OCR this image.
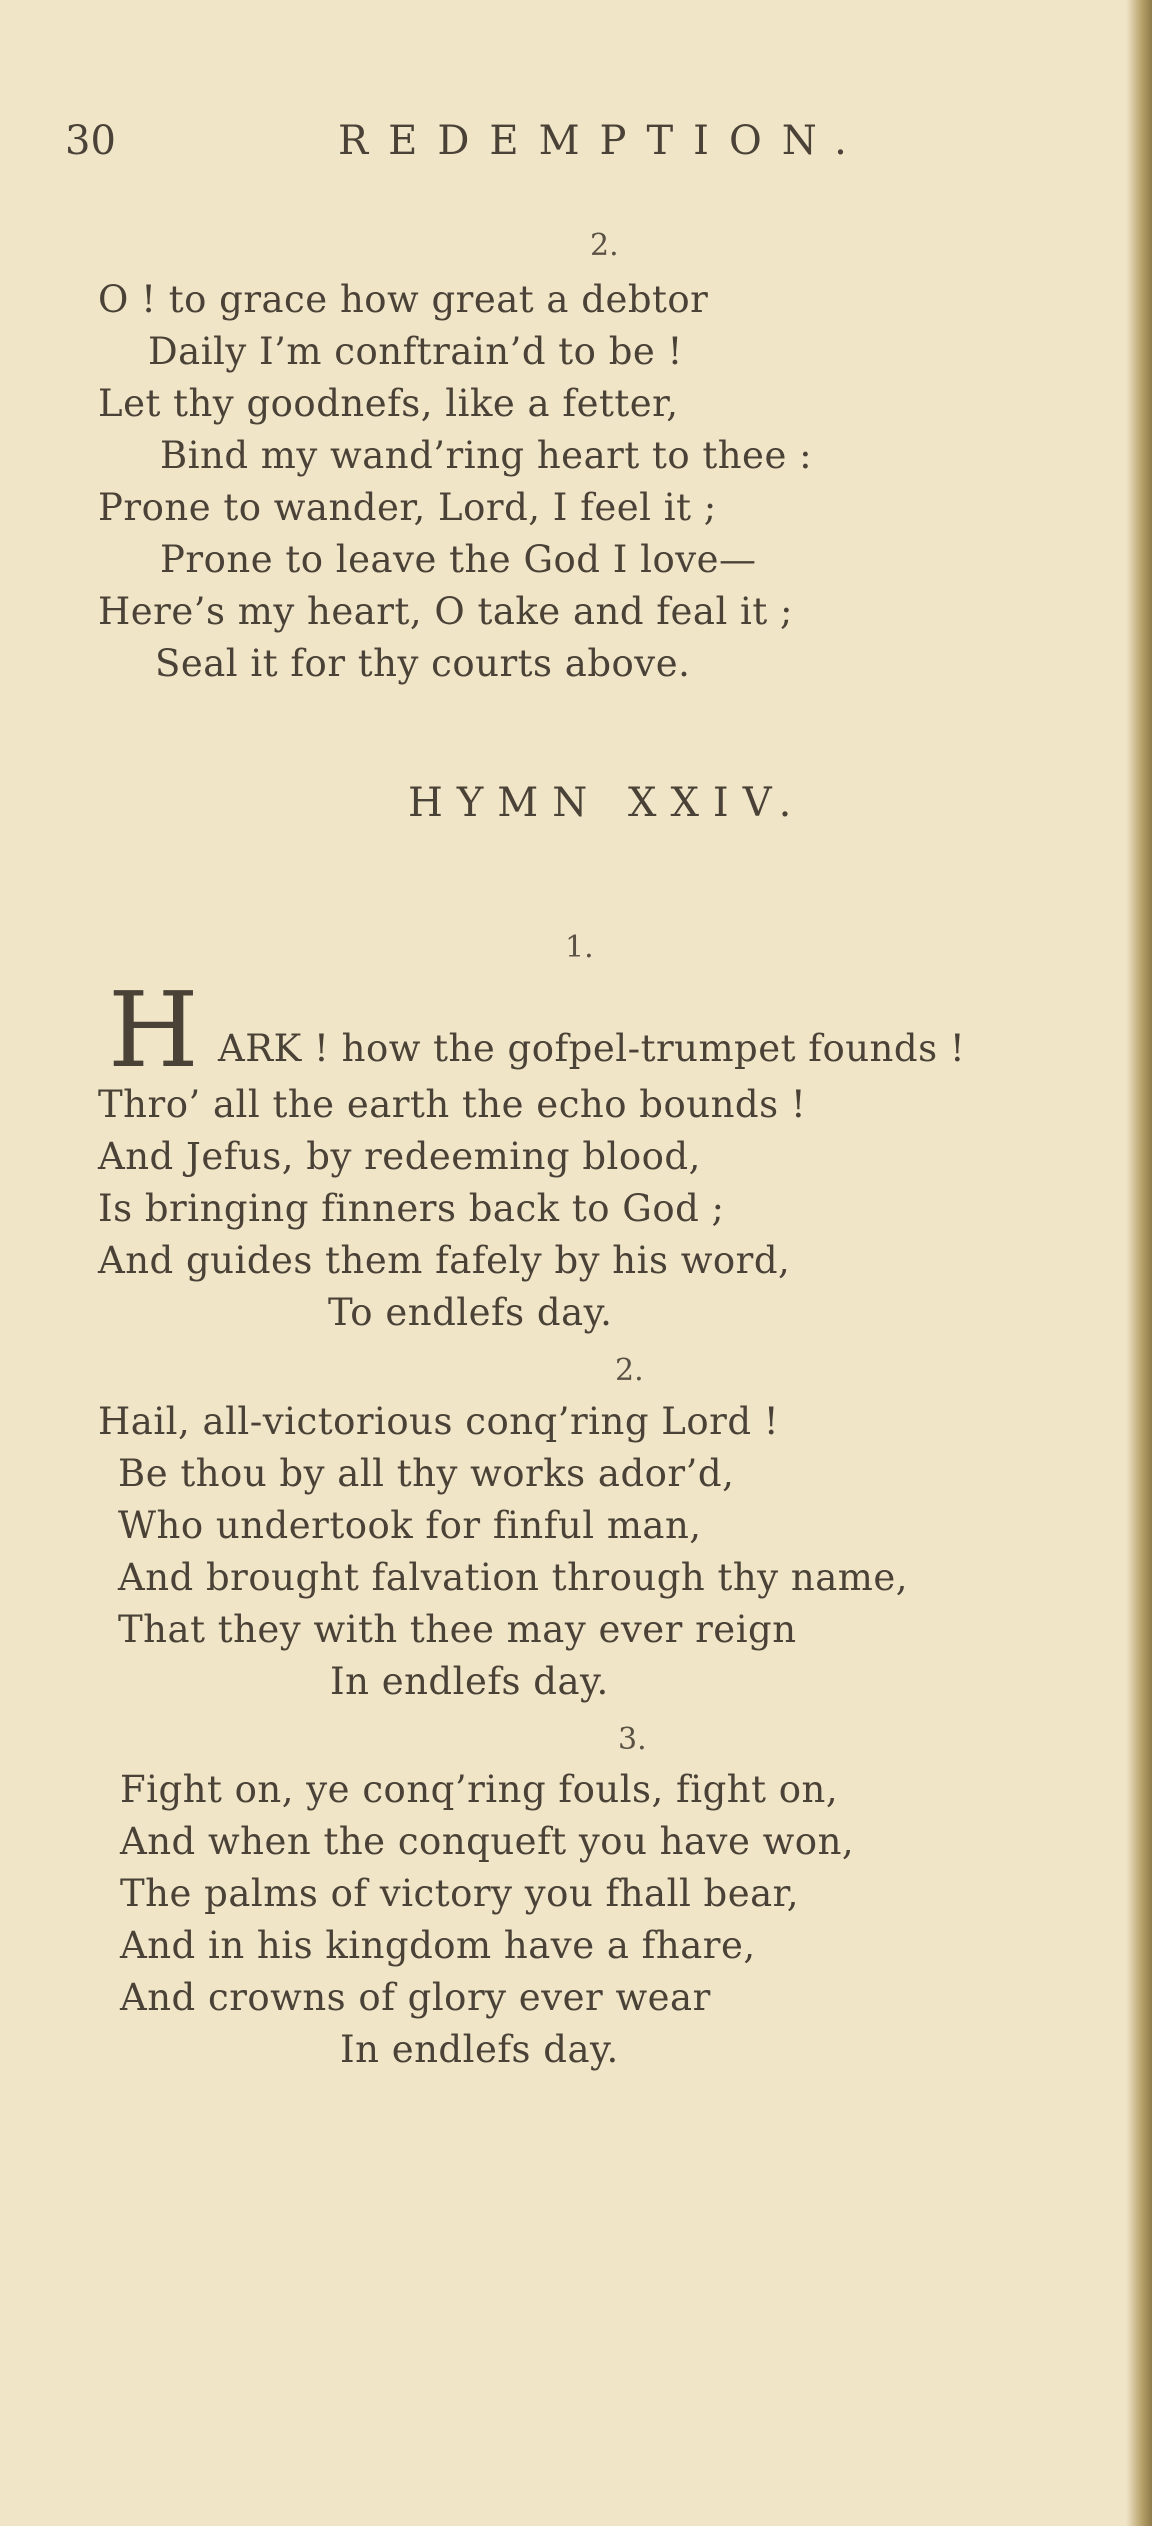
30	REDEMPTION.
2.
O ! to grace how great a debtor
Daily I’m conftrain’d to be !
Let thy goodnefs, like a fetter,
Bind my wand’ring heart to thee :
Prone to wander, Lord, I feel it ;
Prone to leave the God I love—
Here’s my heart, O take and feal it ;
Seal it for thy courts above.
HYMN XXIV.
1.
H ARK ! how the gofpel-trumpet founds !
Thro’ all the earth the echo bounds !
And Jefus, by redeeming blood,
Is bringing finners back to God ;
And guides them fafely by his word,
To endlefs day.
2.
Hail, all-victorious conq’ring Lord !
Be thou by all thy works ador’d,
Who undertook for finful man,
And brought falvation through thy name,
That they with thee may ever reign
In endlefs day.
3.
Fight on, ye conq’ring fouls, fight on,
And when the conqueft you have won,
The palms of victory you fhall bear,
And in his kingdom have a fhare,
And crowns of glory ever wear
In endlefs day.
